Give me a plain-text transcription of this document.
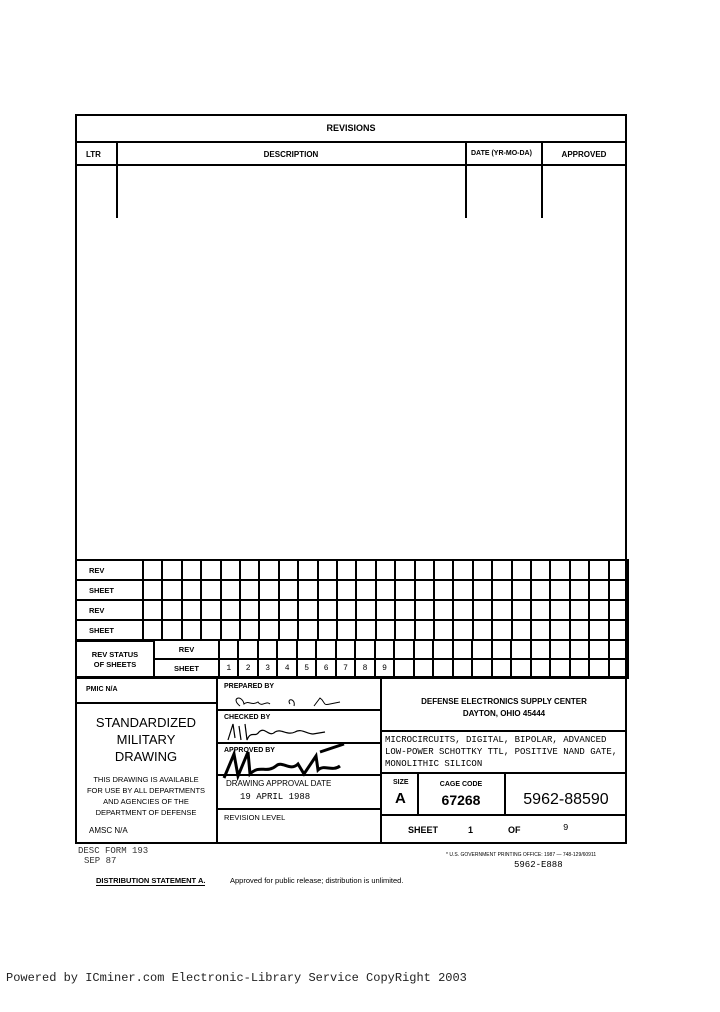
REVISIONS
LTR	DESCRIPTION	DATE (YR-MO-DA)	APPROVED
REV
SHEET
REV
SHEET
REV STATUS
OF SHEETS
REV
SHEET	1	2	3	4	5	6	7	8	9
PMIC N/A
STANDARDIZED
MILITARY
DRAWING
THIS DRAWING IS AVAILABLE
FOR USE BY ALL DEPARTMENTS
AND AGENCIES OF THE
DEPARTMENT OF DEFENSE
AMSC N/A
PREPARED BY
CHECKED BY
APPROVED BY
DRAWING APPROVAL DATE
19 APRIL 1988
REVISION LEVEL
DEFENSE ELECTRONICS SUPPLY CENTER
DAYTON, OHIO 45444
MICROCIRCUITS, DIGITAL, BIPOLAR, ADVANCED
LOW-POWER SCHOTTKY TTL, POSITIVE NAND GATE,
MONOLITHIC SILICON
SIZE
A
CAGE CODE
67268	5962-88590
SHEET	1	OF	9
DESC FORM 193
SEP 87
* U.S. GOVERNMENT PRINTING OFFICE: 1987 — 748-129/60911
5962-E888
DISTRIBUTION STATEMENT A.	Approved for public release; distribution is unlimited.
Powered by ICminer.com Electronic-Library Service CopyRight 2003
